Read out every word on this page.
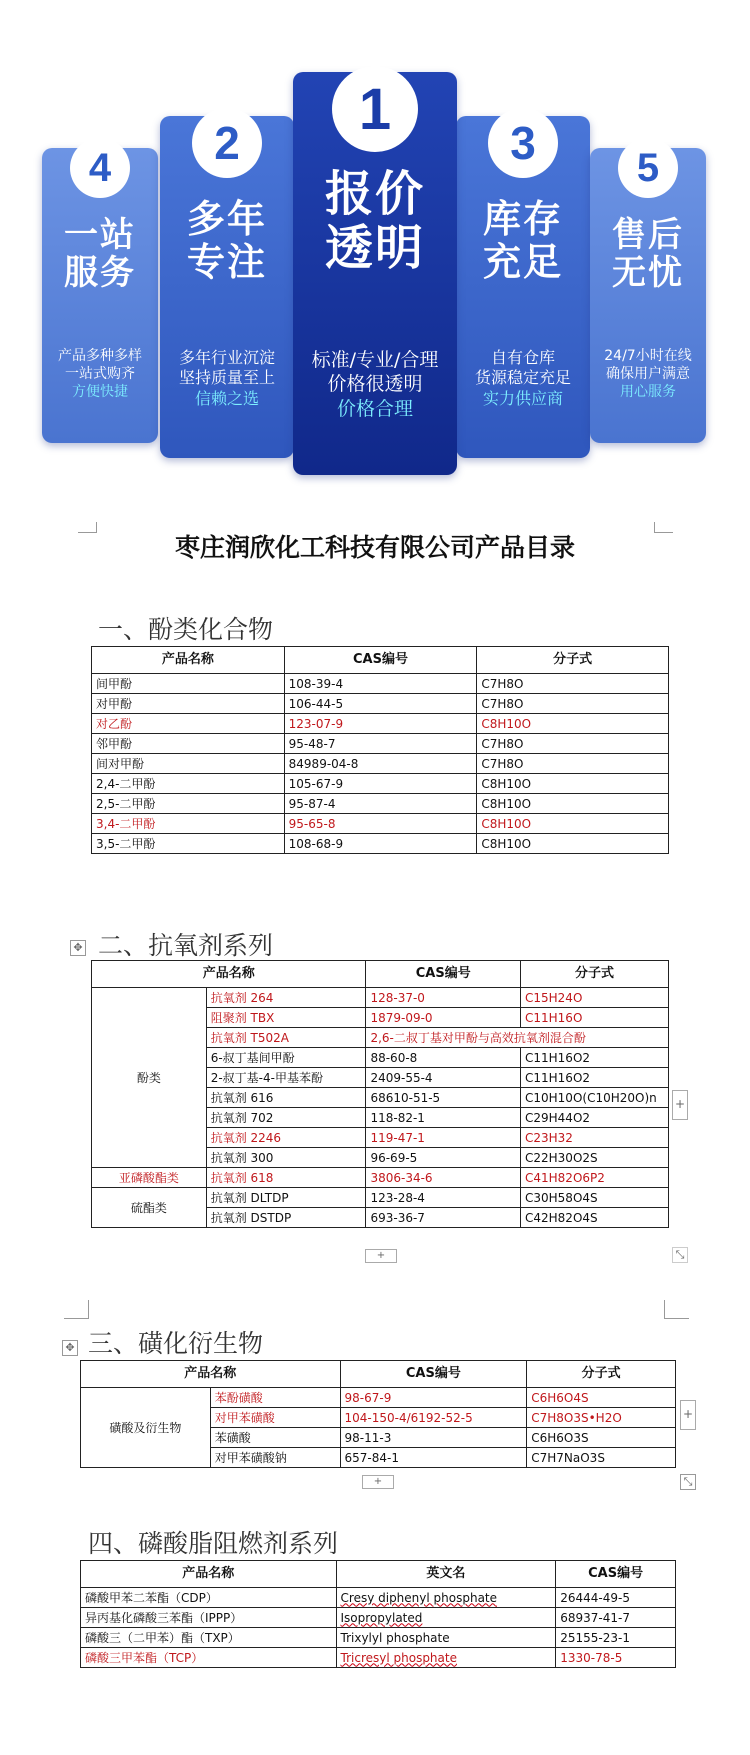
4
一站
服务
产品多种多样
一站式购齐
方便快捷
2
多年
专注
多年行业沉淀
坚持质量至上
信赖之选
1
报价
透明
标准/专业/合理
价格很透明
价格合理
3
库存
充足
自有仓库
货源稳定充足
实力供应商
5
售后
无忧
24/7小时在线
确保用户满意
用心服务
枣庄润欣化工科技有限公司产品目录
一、酚类化合物
产品名称	CAS编号	分子式
间甲酚	108-39-4	C7H8O
对甲酚	106-44-5	C7H8O
对乙酚	123-07-9	C8H10O
邻甲酚	95-48-7	C7H8O
间对甲酚	84989-04-8	C7H8O
2,4-二甲酚	105-67-9	C8H10O
2,5-二甲酚	95-87-4	C8H10O
3,4-二甲酚	95-65-8	C8H10O
3,5-二甲酚	108-68-9	C8H10O
✥ 二、抗氧剂系列
产品名称		CAS编号	分子式
酚类	抗氧剂 264	128-37-0	C15H24O
	阻聚剂 TBX	1879-09-0	C11H16O
	抗氧剂 T502A	2,6-二叔丁基对甲酚与高效抗氧剂混合酚	
	6-叔丁基间甲酚	88-60-8	C11H16O2
	2-叔丁基-4-甲基苯酚	2409-55-4	C11H16O2
	抗氧剂 616	68610-51-5	C10H10O(C10H20O)n
	抗氧剂 702	118-82-1	C29H44O2
	抗氧剂 2246	119-47-1	C23H32
	抗氧剂 300	96-69-5	C22H30O2S
亚磷酸酯类	抗氧剂 618	3806-34-6	C41H82O6P2
硫酯类	抗氧剂 DLTDP	123-28-4	C30H58O4S
	抗氧剂 DSTDP	693-36-7	C42H82O4S
+
+	⤡
✥ 三、磺化衍生物
产品名称		CAS编号	分子式
磺酸及衍生物	苯酚磺酸	98-67-9	C6H6O4S
	对甲苯磺酸	104-150-4/6192-52-5	C7H8O3S•H2O
	苯磺酸	98-11-3	C6H6O3S
	对甲苯磺酸钠	657-84-1	C7H7NaO3S
+
+	⤡
四、磷酸脂阻燃剂系列
产品名称	英文名	CAS编号
磷酸甲苯二苯酯（CDP）	Cresy diphenyl phosphate	26444-49-5
异丙基化磷酸三苯酯（IPPP）	Isopropylated	68937-41-7
磷酸三（二甲苯）酯（TXP）	Trixylyl phosphate	25155-23-1
磷酸三甲苯酯（TCP）	Tricresyl phosphate	1330-78-5
